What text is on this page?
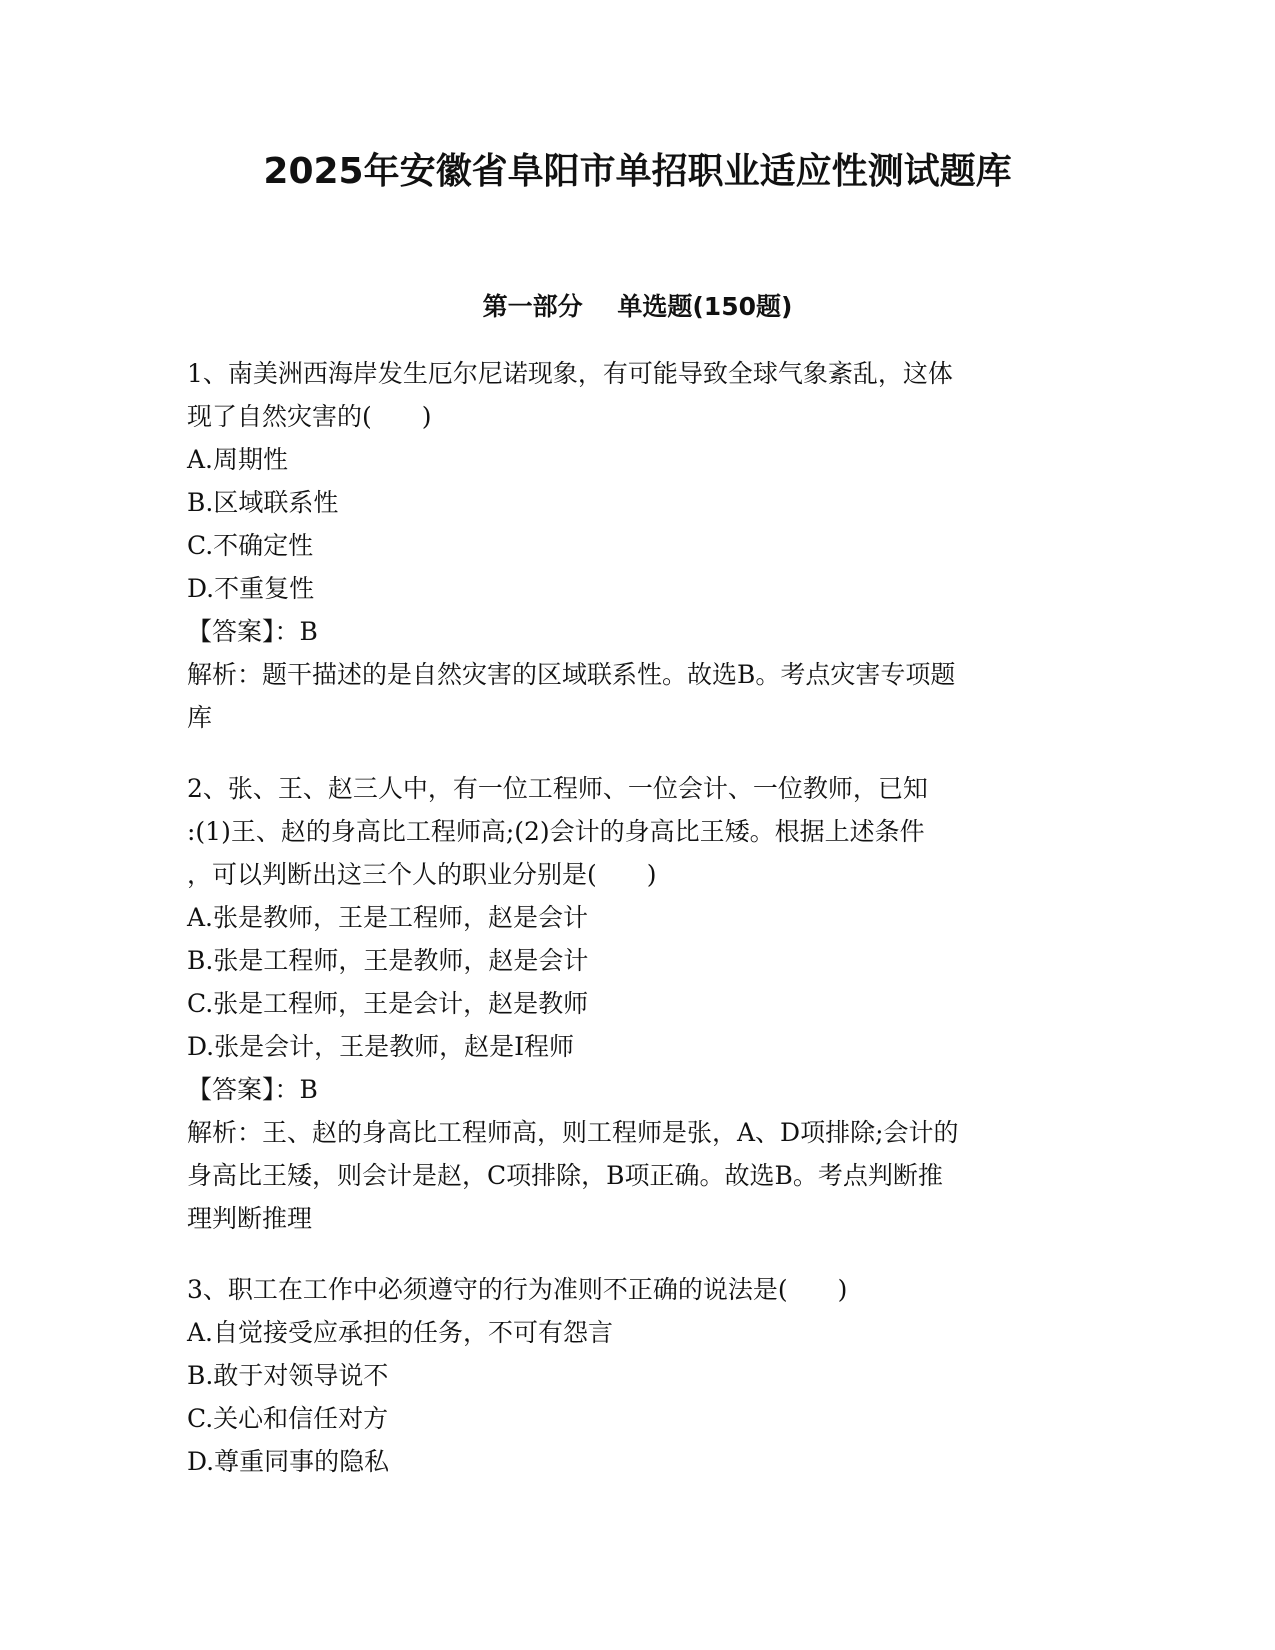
2025年安徽省阜阳市单招职业适应性测试题库
第一部分    单选题(150题)
1、南美洲西海岸发生厄尔尼诺现象，有可能导致全球气象紊乱，这体
现了自然灾害的(　　)
A.周期性
B.区域联系性
C.不确定性
D.不重复性
【答案】：B
解析：题干描述的是自然灾害的区域联系性。故选B。考点灾害专项题
库
2、张、王、赵三人中，有一位工程师、一位会计、一位教师，已知
:(1)王、赵的身高比工程师高;(2)会计的身高比王矮。根据上述条件
，可以判断出这三个人的职业分别是(　　)
A.张是教师，王是工程师，赵是会计
B.张是工程师，王是教师，赵是会计
C.张是工程师，王是会计，赵是教师
D.张是会计，王是教师，赵是I程师
【答案】：B
解析：王、赵的身高比工程师高，则工程师是张，A、D项排除;会计的
身高比王矮，则会计是赵，C项排除，B项正确。故选B。考点判断推
理判断推理
3、职工在工作中必须遵守的行为准则不正确的说法是(　　)
A.自觉接受应承担的任务，不可有怨言
B.敢于对领导说不
C.关心和信任对方
D.尊重同事的隐私
